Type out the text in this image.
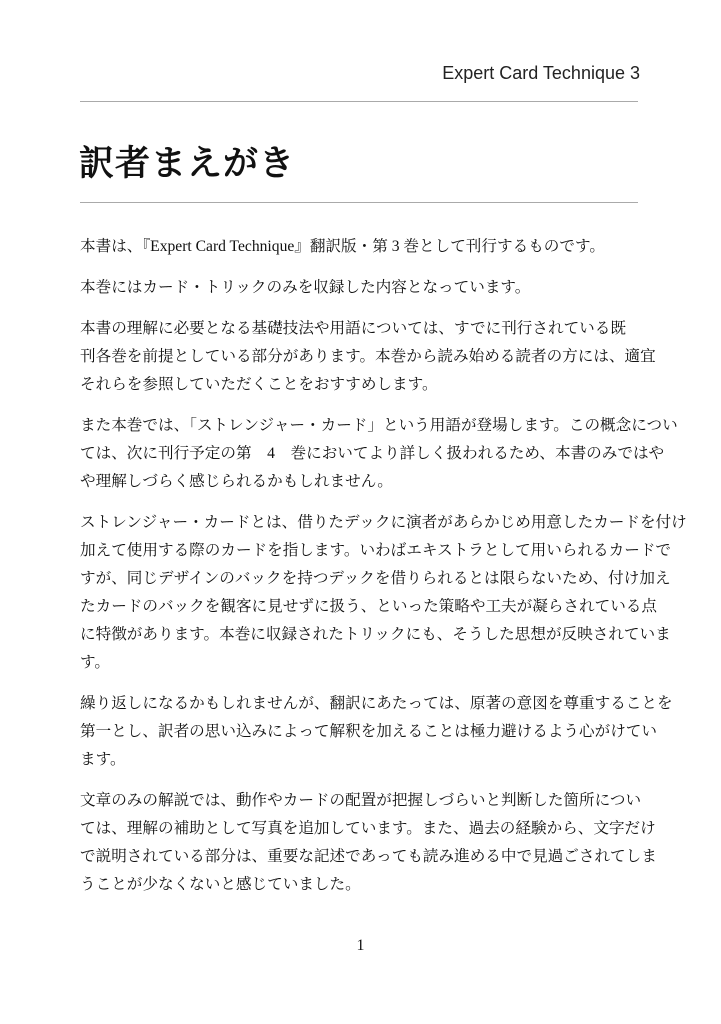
Expert Card Technique 3
訳者まえがき
本書は、『Expert Card Technique』翻訳版・第 3 巻として刊行するものです。
本巻にはカード・トリックのみを収録した内容となっています。
本書の理解に必要となる基礎技法や用語については、すでに刊行されている既
刊各巻を前提としている部分があります。本巻から読み始める読者の方には、適宜
それらを参照していただくことをおすすめします。
また本巻では、「ストレンジャー・カード」という用語が登場します。この概念につい
ては、次に刊行予定の第　4　巻においてより詳しく扱われるため、本書のみではや
や理解しづらく感じられるかもしれません。
ストレンジャー・カードとは、借りたデックに演者があらかじめ用意したカードを付け
加えて使用する際のカードを指します。いわばエキストラとして用いられるカードで
すが、同じデザインのバックを持つデックを借りられるとは限らないため、付け加え
たカードのバックを観客に見せずに扱う、といった策略や工夫が凝らされている点
に特徴があります。本巻に収録されたトリックにも、そうした思想が反映されていま
す。
繰り返しになるかもしれませんが、翻訳にあたっては、原著の意図を尊重することを
第一とし、訳者の思い込みによって解釈を加えることは極力避けるよう心がけてい
ます。
文章のみの解説では、動作やカードの配置が把握しづらいと判断した箇所につい
ては、理解の補助として写真を追加しています。また、過去の経験から、文字だけ
で説明されている部分は、重要な記述であっても読み進める中で見過ごされてしま
うことが少なくないと感じていました。
1
